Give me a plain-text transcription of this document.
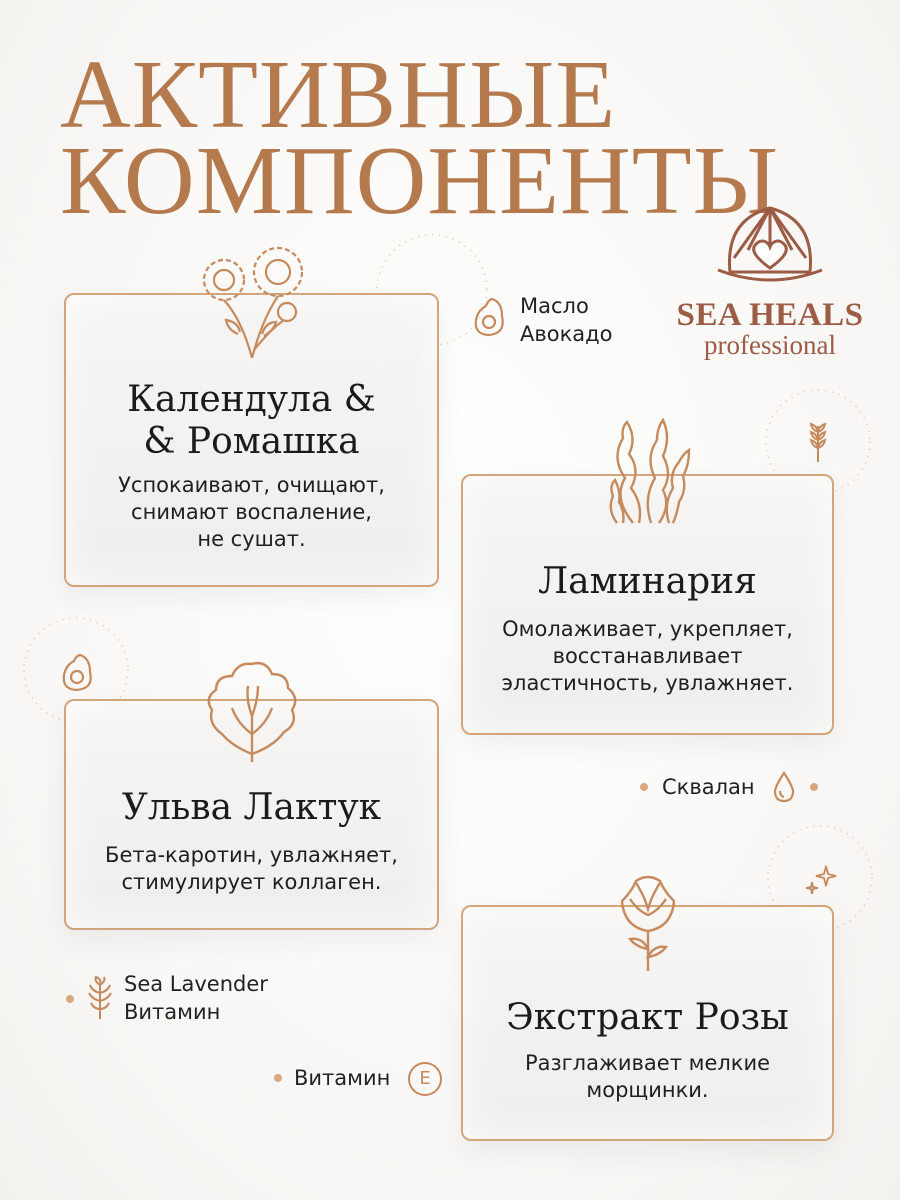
АКТИВНЫЕ
КОМПОНЕНТЫ
SEA HEALS
professional
Календула &
& Ромашка
Успокаивают, очищают,
снимают воспаление,
не сушат.
Ламинария
Омолаживает, укрепляет,
восстанавливает
эластичность, увлажняет.
Ульва Лактук
Бета-каротин, увлажняет,
стимулирует коллаген.
Экстракт Розы
Разглаживает мелкие
морщинки.
Масло
Авокадо
Сквалан
Sea Lavender
Витамин
Витамин	E
